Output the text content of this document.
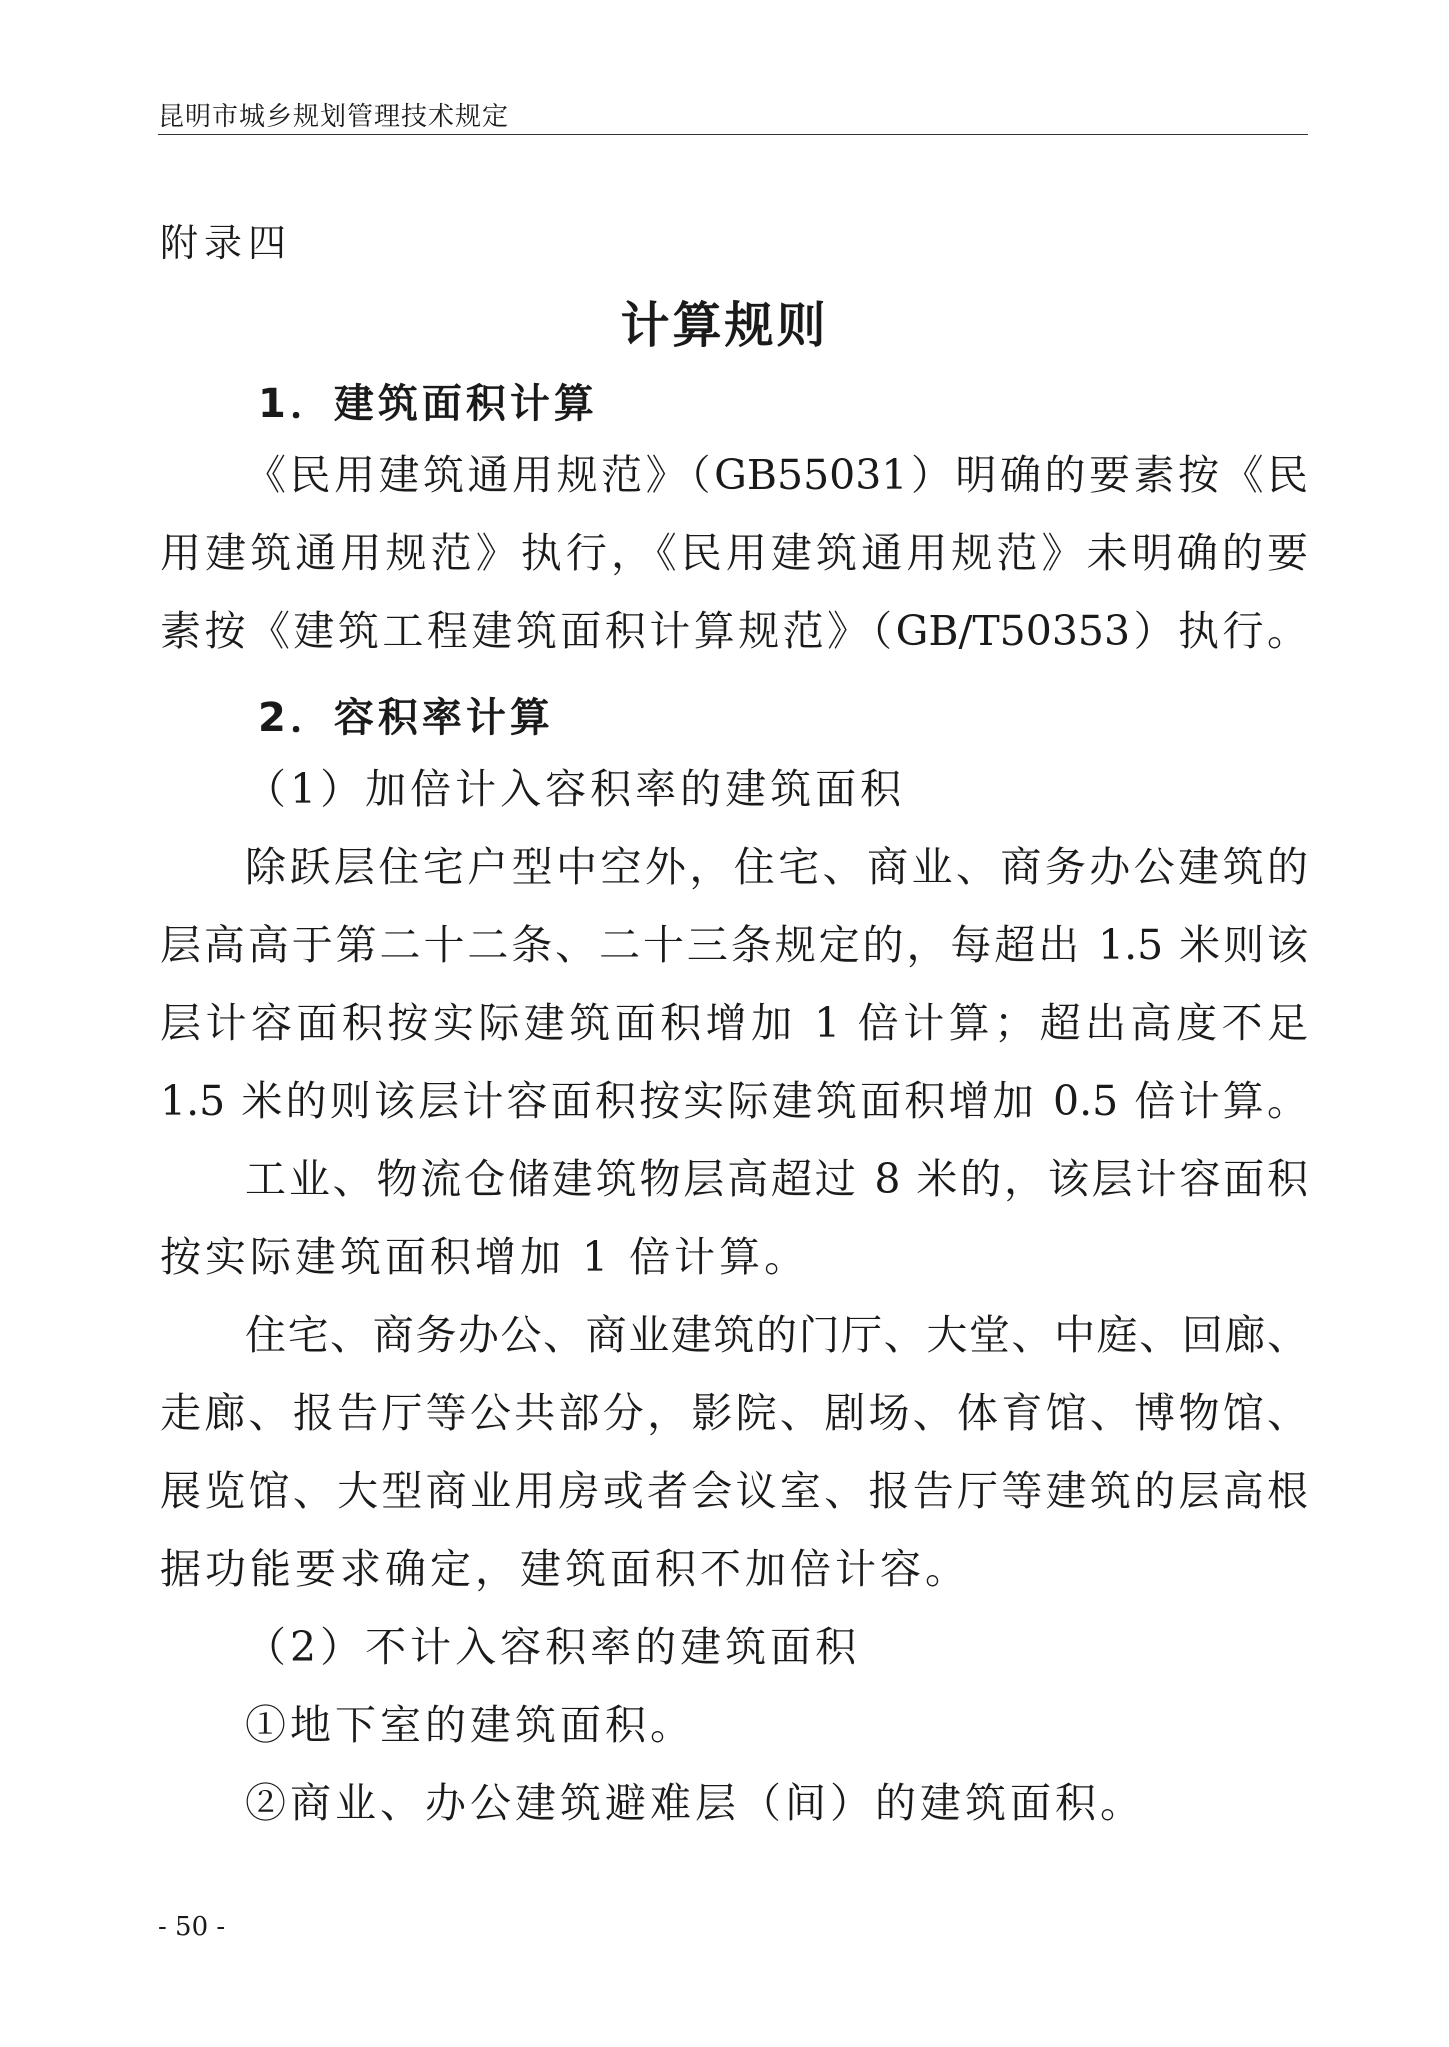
昆明市城乡规划管理技术规定
附录四
计算规则
1．建筑面积计算
《民用建筑通用规范》（GB55031）明确的要素按《民
用建筑通用规范》执行，《民用建筑通用规范》未明确的要
素按《建筑工程建筑面积计算规范》（GB/T50353）执行。
2．容积率计算
（1）加倍计入容积率的建筑面积
除跃层住宅户型中空外，住宅、商业、商务办公建筑的
层高高于第二十二条、二十三条规定的，每超出 1.5 米则该
层计容面积按实际建筑面积增加 1 倍计算；超出高度不足
1.5 米的则该层计容面积按实际建筑面积增加 0.5 倍计算。
工业、物流仓储建筑物层高超过 8 米的，该层计容面积
按实际建筑面积增加 1 倍计算。
住宅、商务办公、商业建筑的门厅、大堂、中庭、回廊、
走廊、报告厅等公共部分，影院、剧场、体育馆、博物馆、
展览馆、大型商业用房或者会议室、报告厅等建筑的层高根
据功能要求确定，建筑面积不加倍计容。
（2）不计入容积率的建筑面积
①地下室的建筑面积。
②商业、办公建筑避难层（间）的建筑面积。
- 50 -
